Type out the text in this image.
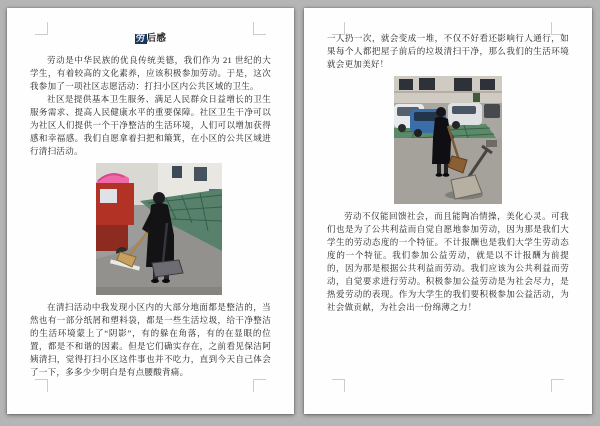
劳后感

劳动是中华民族的优良传统美德，我们作为 21 世纪的大学生，有着较高的文化素养，应该积极参加劳动。于是，这次我参加了一项社区志愿活动：打扫小区内公共区域的卫生。

社区是提供基本卫生服务、满足人民群众日益增长的卫生服务需求、提高人民健康水平的重要保障。社区卫生干净可以为社区人们提供一个干净整洁的生活环境，人们可以增加获得感和幸福感。我们自愿拿着扫把和簸箕，在小区的公共区域进行清扫活动。

在清扫活动中我发现小区内的大部分地面都是整洁的，当然也有一部分纸屑和塑料袋，都是一些生活垃圾，给干净整洁的生活环境蒙上了“阴影”，有的躲在角落，有的在显眼的位置，都是不和谐的因素。但是它们确实存在，之前看见保洁阿姨清扫，觉得打扫小区这件事也并不吃力，直到今天自己体会了一下，多多少少明白是有点腰酸背痛。

一人扔一次，就会变成一堆，不仅不好看还影响行人通行，如果每个人都把屋子前后的垃圾清扫干净，那么我们的生活环境就会更加美好！

劳动不仅能回馈社会，而且能陶冶情操，美化心灵。可我们也是为了公共利益而自觉自愿地参加劳动，因为那是我们大学生的劳动态度的一个特征。不计报酬也是我们大学生劳动态度的一个特征。我们参加公益劳动，就是以不计报酬为前提的，因为那是根据公共利益而劳动。我们应该为公共利益而劳动，自觉要求进行劳动。积极参加公益劳动是为社会尽力，是热爱劳动的表现。作为大学生的我们要积极参加公益活动，为社会做贡献，为社会出一份绵薄之力！
